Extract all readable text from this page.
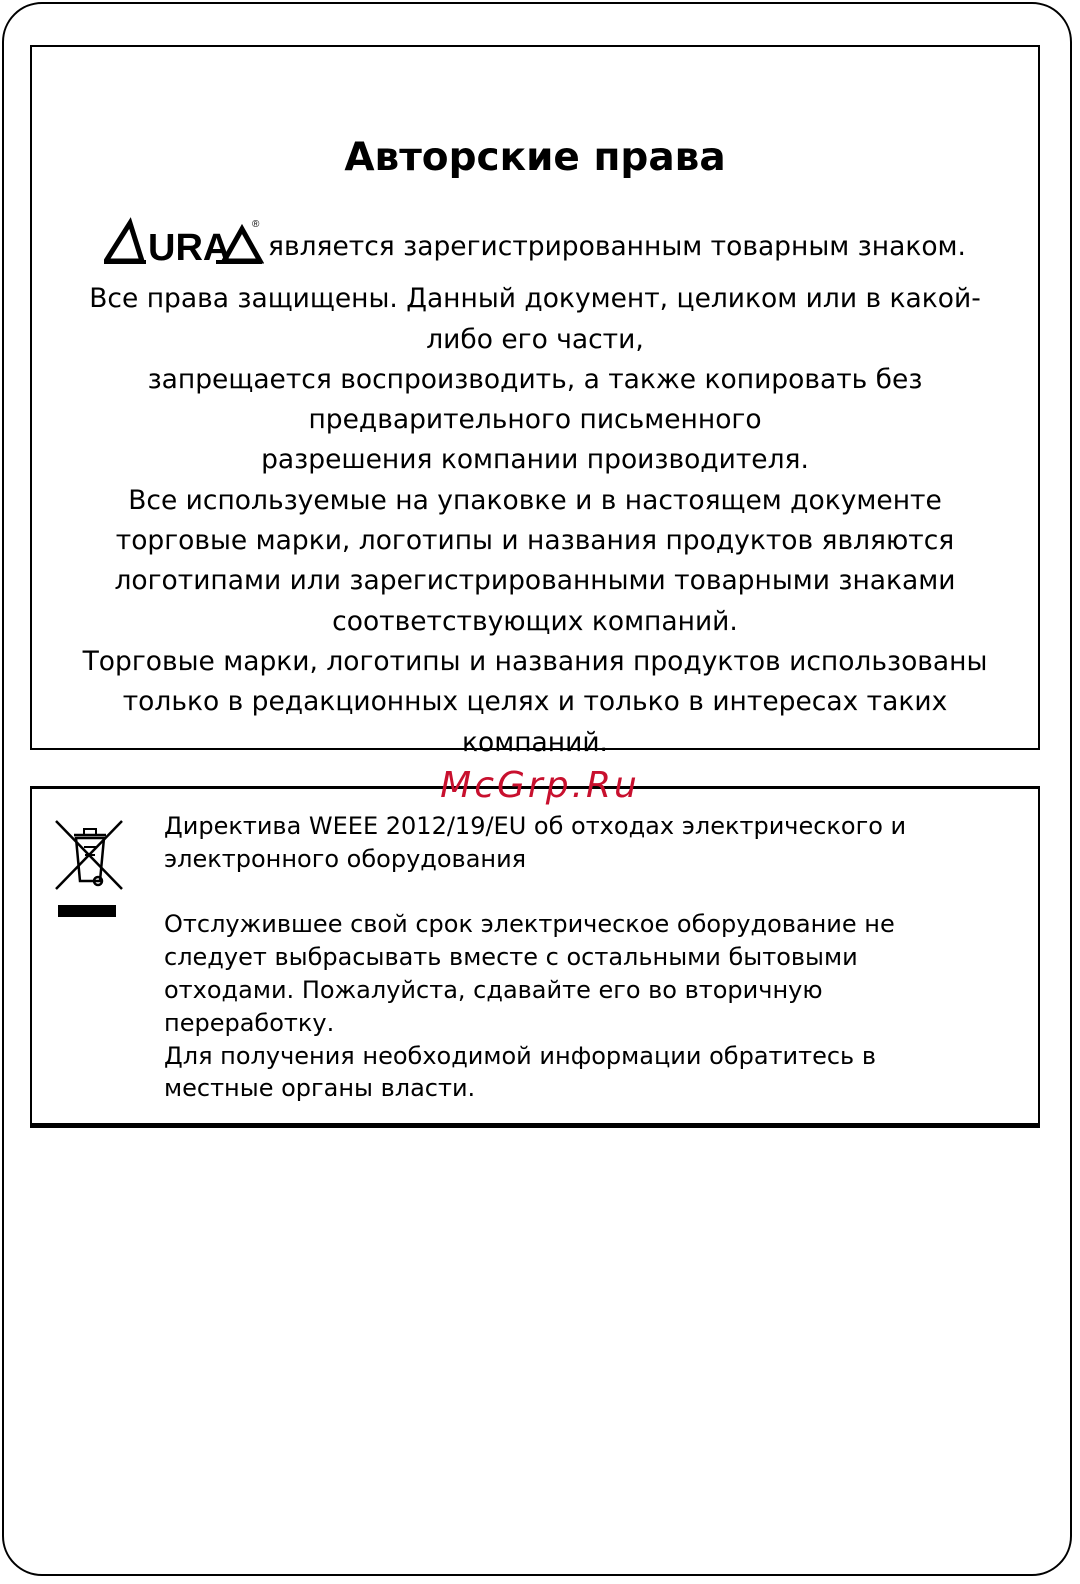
Авторские права
URA
®
является зарегистрированным товарным знаком.
Все права защищены. Данный документ, целиком или в какой-
либо его части,
запрещается воспроизводить, а также копировать без
предварительного письменного
разрешения компании производителя.
Все используемые на упаковке и в настоящем документе
торговые марки, логотипы и названия продуктов являются
логотипами или зарегистрированными товарными знаками
соответствующих компаний.
Торговые марки, логотипы и названия продуктов использованы
только в редакционных целях и только в интересах таких
компаний.
McGrp.Ru

Директива WEEE 2012/19/EU об отходах электрического и

электронного оборудования

Отслужившее свой срок электрическое оборудование не

следует выбрасывать вместе с остальными бытовыми

отходами. Пожалуйста, сдавайте его во вторичную

переработку.

Для получения необходимой информации обратитесь в

местные органы власти.
